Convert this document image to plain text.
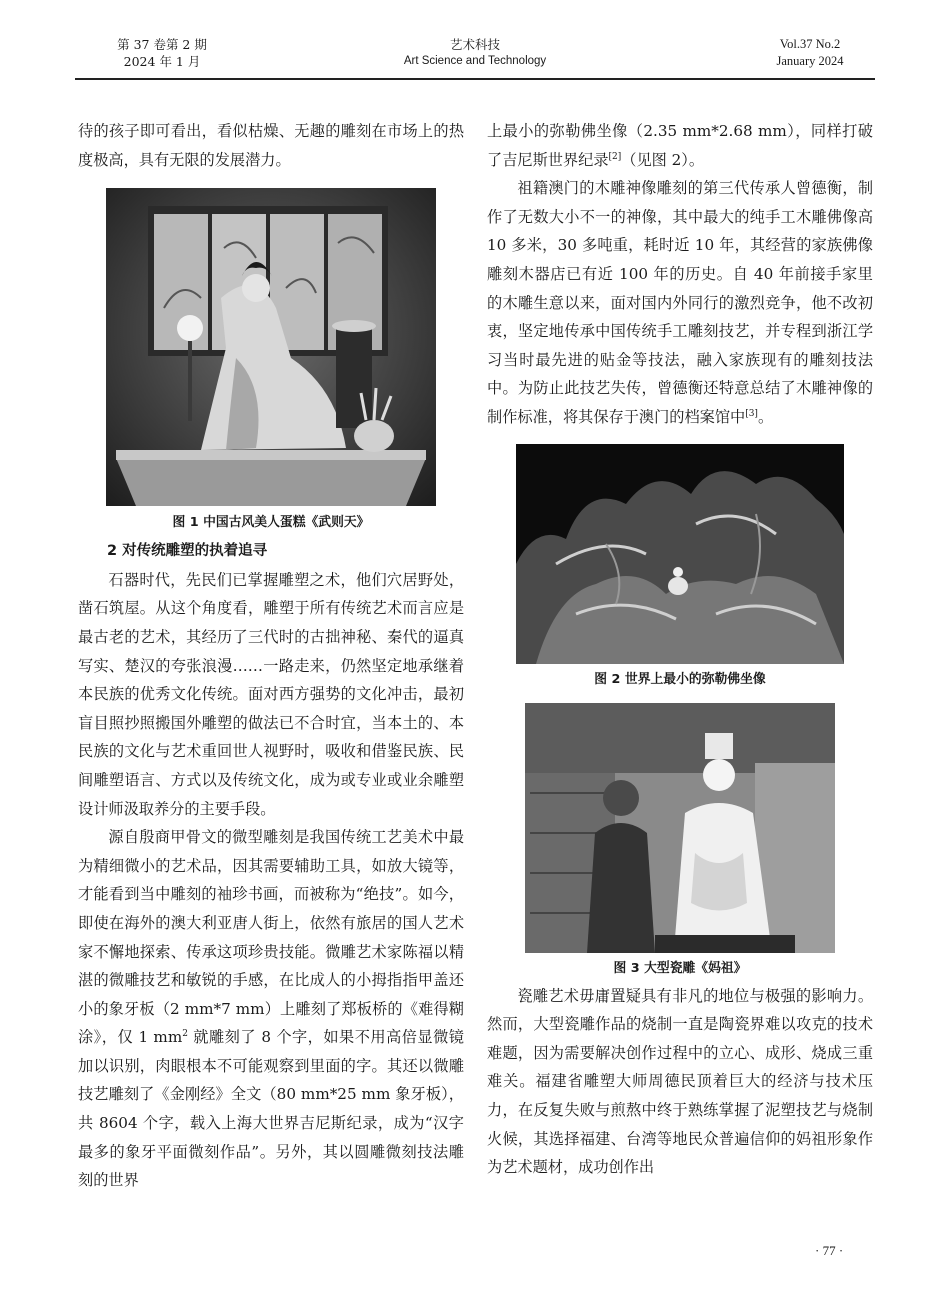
第 37 卷第 2 期
2024 年 1 月
艺术科技
Art Science and Technology
Vol.37 No.2
January 2024

待的孩子即可看出，看似枯燥、无趣的雕刻在市场上的热度极高，具有无限的发展潜力。

图 1 中国古风美人蛋糕《武则天》
2 对传统雕塑的执着追寻

石器时代，先民们已掌握雕塑之术，他们穴居野处，凿石筑屋。从这个角度看，雕塑于所有传统艺术而言应是最古老的艺术，其经历了三代时的古拙神秘、秦代的逼真写实、楚汉的夸张浪漫……一路走来，仍然坚定地承继着本民族的优秀文化传统。面对西方强势的文化冲击，最初盲目照抄照搬国外雕塑的做法已不合时宜，当本土的、本民族的文化与艺术重回世人视野时，吸收和借鉴民族、民间雕塑语言、方式以及传统文化，成为或专业或业余雕塑设计师汲取养分的主要手段。

源自殷商甲骨文的微型雕刻是我国传统工艺美术中最为精细微小的艺术品，因其需要辅助工具，如放大镜等，才能看到当中雕刻的袖珍书画，而被称为“绝技”。如今，即使在海外的澳大利亚唐人街上，依然有旅居的国人艺术家不懈地探索、传承这项珍贵技能。微雕艺术家陈福以精湛的微雕技艺和敏锐的手感，在比成人的小拇指指甲盖还小的象牙板（2 mm*7 mm）上雕刻了郑板桥的《难得糊涂》，仅 1 $mm^2$ 就雕刻了 8 个字，如果不用高倍显微镜加以识别，肉眼根本不可能观察到里面的字。其还以微雕技艺雕刻了《金刚经》全文（80 mm*25 mm 象牙板），共 8604 个字，载入上海大世界吉尼斯纪录，成为“汉字最多的象牙平面微刻作品”。另外，其以圆雕微刻技法雕刻的世界

上最小的弥勒佛坐像（2.35 mm*2.68 mm），同样打破了吉尼斯世界纪录[2]（见图 2）。

祖籍澳门的木雕神像雕刻的第三代传承人曾德衡，制作了无数大小不一的神像，其中最大的纯手工木雕佛像高 10 多米，30 多吨重，耗时近 10 年，其经营的家族佛像雕刻木器店已有近 100 年的历史。自 40 年前接手家里的木雕生意以来，面对国内外同行的激烈竞争，他不改初衷，坚定地传承中国传统手工雕刻技艺，并专程到浙江学习当时最先进的贴金等技法，融入家族现有的雕刻技法中。为防止此技艺失传，曾德衡还特意总结了木雕神像的制作标准，将其保存于澳门的档案馆中[3]。

图 2 世界上最小的弥勒佛坐像
图 3 大型瓷雕《妈祖》

瓷雕艺术毋庸置疑具有非凡的地位与极强的影响力。然而，大型瓷雕作品的烧制一直是陶瓷界难以攻克的技术难题，因为需要解决创作过程中的立心、成形、烧成三重难关。福建省雕塑大师周德民顶着巨大的经济与技术压力，在反复失败与煎熬中终于熟练掌握了泥塑技艺与烧制火候，其选择福建、台湾等地民众普遍信仰的妈祖形象作为艺术题材，成功创作出

· 77 ·
